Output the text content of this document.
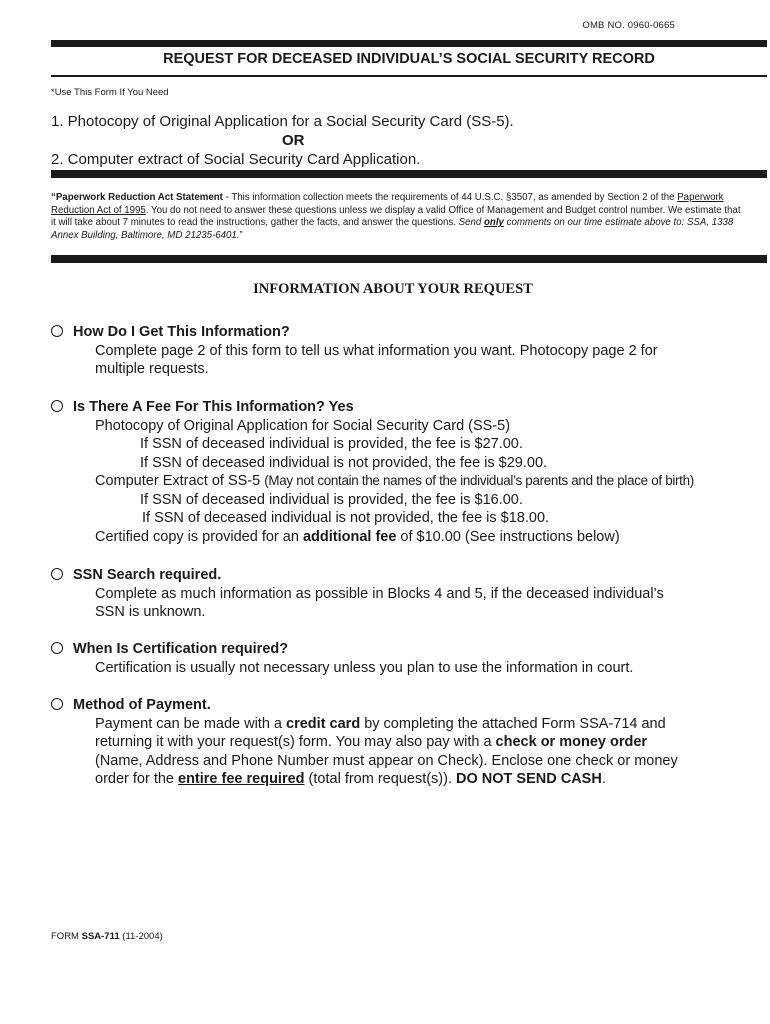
OMB NO. 0960-0665
REQUEST FOR DECEASED INDIVIDUAL’S SOCIAL SECURITY RECORD
*Use This Form If You Need
1. Photocopy of Original Application for a Social Security Card (SS-5).
OR
2. Computer extract of Social Security Card Application.
“Paperwork Reduction Act Statement - This information collection meets the requirements of 44 U.S.C. §3507, as amended by Section 2 of the Paperwork
Reduction Act of 1995. You do not need to answer these questions unless we display a valid Office of Management and Budget control number. We estimate that it will take about 7 minutes to read the instructions, gather the facts, and answer the questions. Send only comments on our time estimate above to: SSA, 1338 Annex Building, Baltimore, MD 21235-6401.”
INFORMATION ABOUT YOUR REQUEST
How Do I Get This Information?
Complete page 2 of this form to tell us what information you want. Photocopy page 2 for
multiple requests.
Is There A Fee For This Information? Yes
Photocopy of Original Application for Social Security Card (SS-5)
If SSN of deceased individual is provided, the fee is $27.00.
If SSN of deceased individual is not provided, the fee is $29.00.
Computer Extract of SS-5 (May not contain the names of the individual’s parents and the place of birth)
If SSN of deceased individual is provided, the fee is $16.00.
If SSN of deceased individual is not provided, the fee is $18.00.
Certified copy is provided for an additional fee of $10.00 (See instructions below)
SSN Search required.
Complete as much information as possible in Blocks 4 and 5, if the deceased individual’s
SSN is unknown.
When Is Certification required?
Certification is usually not necessary unless you plan to use the information in court.
Method of Payment.
Payment can be made with a credit card by completing the attached Form SSA-714 and
returning it with your request(s) form. You may also pay with a check or money order
(Name, Address and Phone Number must appear on Check). Enclose one check or money
order for the entire fee required (total from request(s)). DO NOT SEND CASH.
FORM SSA-711 (11-2004)
